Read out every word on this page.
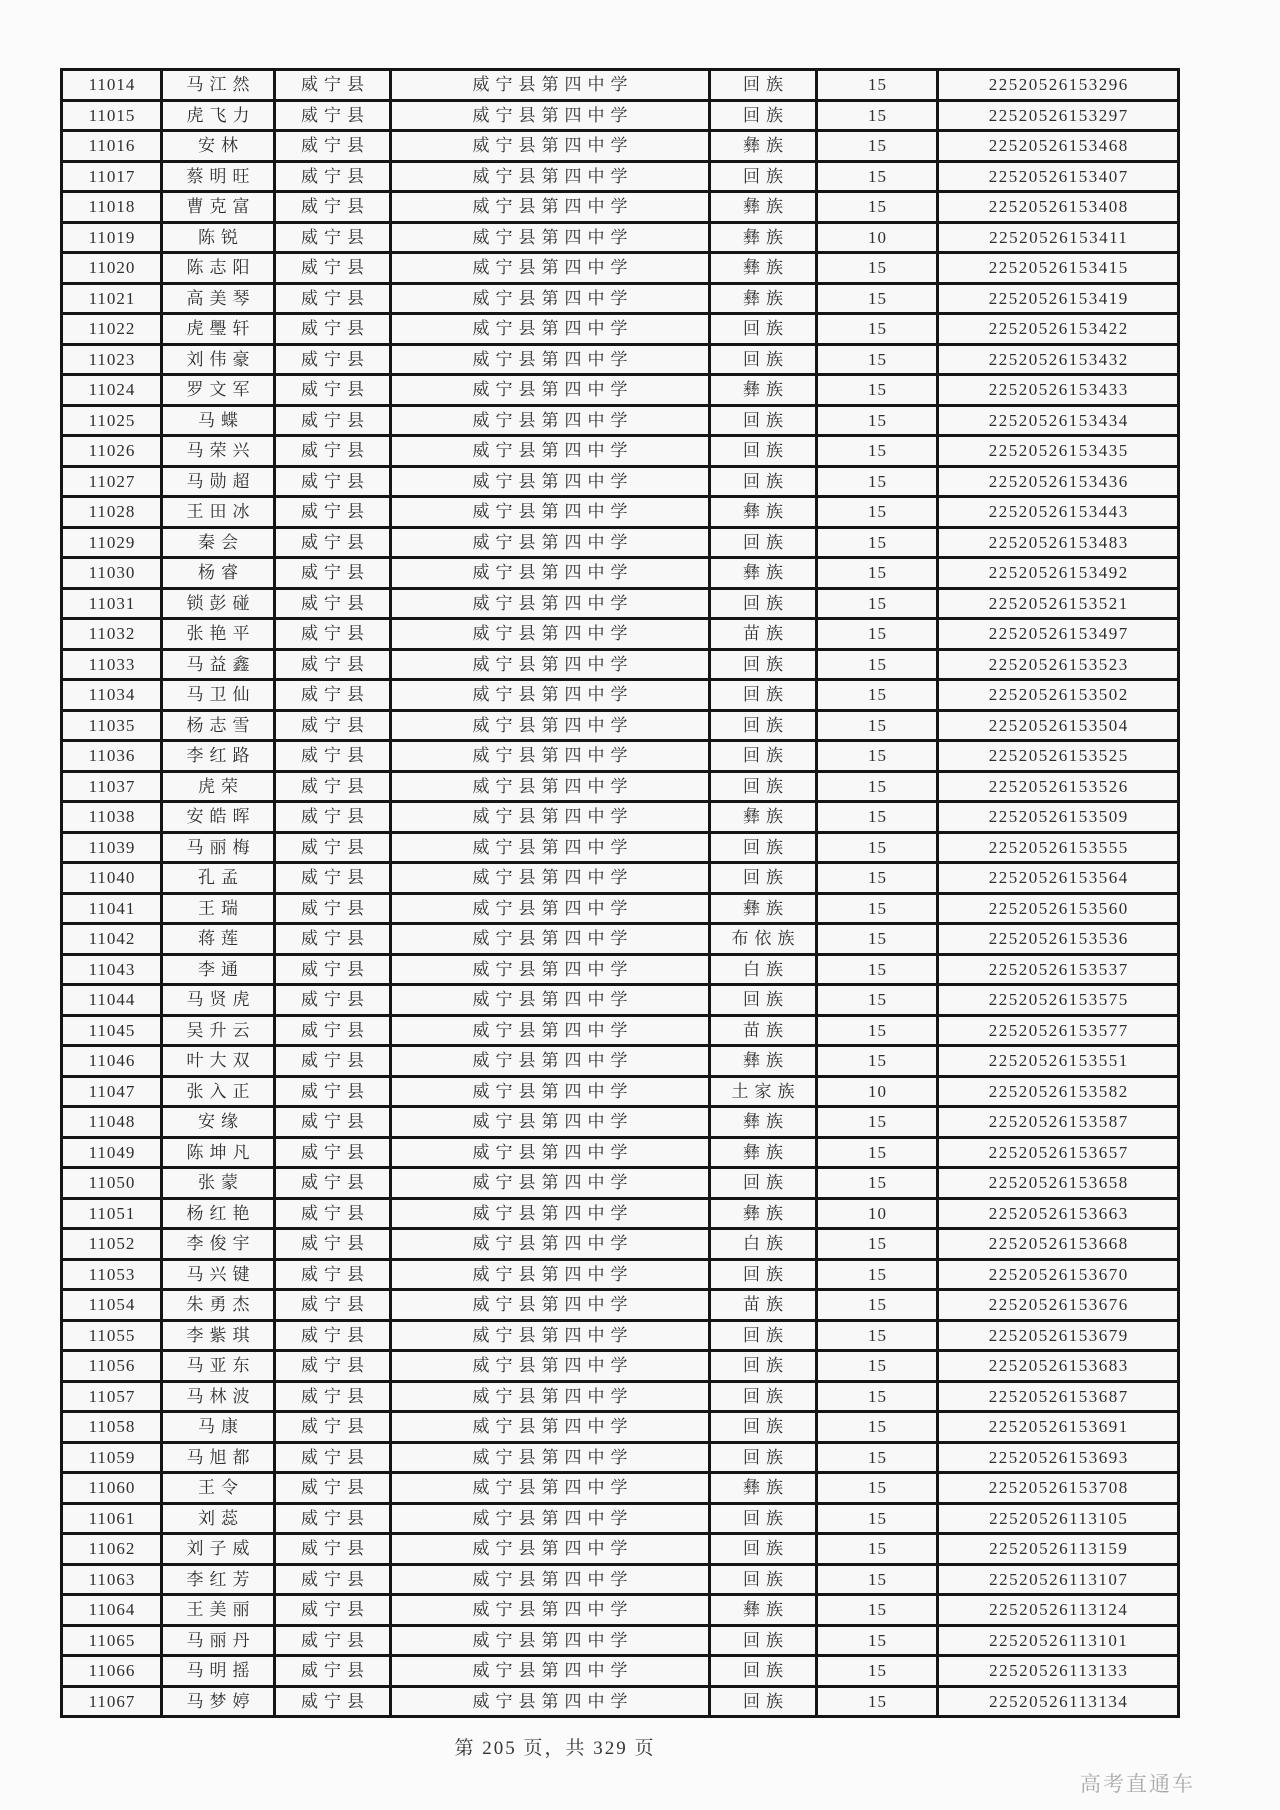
11014	马江然	威宁县	威宁县第四中学	回族	15	22520526153296
11015	虎飞力	威宁县	威宁县第四中学	回族	15	22520526153297
11016	安林	威宁县	威宁县第四中学	彝族	15	22520526153468
11017	蔡明旺	威宁县	威宁县第四中学	回族	15	22520526153407
11018	曹克富	威宁县	威宁县第四中学	彝族	15	22520526153408
11019	陈锐	威宁县	威宁县第四中学	彝族	10	22520526153411
11020	陈志阳	威宁县	威宁县第四中学	彝族	15	22520526153415
11021	高美琴	威宁县	威宁县第四中学	彝族	15	22520526153419
11022	虎璺轩	威宁县	威宁县第四中学	回族	15	22520526153422
11023	刘伟豪	威宁县	威宁县第四中学	回族	15	22520526153432
11024	罗文军	威宁县	威宁县第四中学	彝族	15	22520526153433
11025	马蝶	威宁县	威宁县第四中学	回族	15	22520526153434
11026	马荣兴	威宁县	威宁县第四中学	回族	15	22520526153435
11027	马勋超	威宁县	威宁县第四中学	回族	15	22520526153436
11028	王田冰	威宁县	威宁县第四中学	彝族	15	22520526153443
11029	秦会	威宁县	威宁县第四中学	回族	15	22520526153483
11030	杨睿	威宁县	威宁县第四中学	彝族	15	22520526153492
11031	锁彭碰	威宁县	威宁县第四中学	回族	15	22520526153521
11032	张艳平	威宁县	威宁县第四中学	苗族	15	22520526153497
11033	马益鑫	威宁县	威宁县第四中学	回族	15	22520526153523
11034	马卫仙	威宁县	威宁县第四中学	回族	15	22520526153502
11035	杨志雪	威宁县	威宁县第四中学	回族	15	22520526153504
11036	李红路	威宁县	威宁县第四中学	回族	15	22520526153525
11037	虎荣	威宁县	威宁县第四中学	回族	15	22520526153526
11038	安皓晖	威宁县	威宁县第四中学	彝族	15	22520526153509
11039	马丽梅	威宁县	威宁县第四中学	回族	15	22520526153555
11040	孔孟	威宁县	威宁县第四中学	回族	15	22520526153564
11041	王瑞	威宁县	威宁县第四中学	彝族	15	22520526153560
11042	蒋莲	威宁县	威宁县第四中学	布依族	15	22520526153536
11043	李通	威宁县	威宁县第四中学	白族	15	22520526153537
11044	马贤虎	威宁县	威宁县第四中学	回族	15	22520526153575
11045	吴升云	威宁县	威宁县第四中学	苗族	15	22520526153577
11046	叶大双	威宁县	威宁县第四中学	彝族	15	22520526153551
11047	张入正	威宁县	威宁县第四中学	土家族	10	22520526153582
11048	安缘	威宁县	威宁县第四中学	彝族	15	22520526153587
11049	陈坤凡	威宁县	威宁县第四中学	彝族	15	22520526153657
11050	张蒙	威宁县	威宁县第四中学	回族	15	22520526153658
11051	杨红艳	威宁县	威宁县第四中学	彝族	10	22520526153663
11052	李俊宇	威宁县	威宁县第四中学	白族	15	22520526153668
11053	马兴键	威宁县	威宁县第四中学	回族	15	22520526153670
11054	朱勇杰	威宁县	威宁县第四中学	苗族	15	22520526153676
11055	李紫琪	威宁县	威宁县第四中学	回族	15	22520526153679
11056	马亚东	威宁县	威宁县第四中学	回族	15	22520526153683
11057	马林波	威宁县	威宁县第四中学	回族	15	22520526153687
11058	马康	威宁县	威宁县第四中学	回族	15	22520526153691
11059	马旭都	威宁县	威宁县第四中学	回族	15	22520526153693
11060	王令	威宁县	威宁县第四中学	彝族	15	22520526153708
11061	刘蕊	威宁县	威宁县第四中学	回族	15	22520526113105
11062	刘子威	威宁县	威宁县第四中学	回族	15	22520526113159
11063	李红芳	威宁县	威宁县第四中学	回族	15	22520526113107
11064	王美丽	威宁县	威宁县第四中学	彝族	15	22520526113124
11065	马丽丹	威宁县	威宁县第四中学	回族	15	22520526113101
11066	马明摇	威宁县	威宁县第四中学	回族	15	22520526113133
11067	马梦婷	威宁县	威宁县第四中学	回族	15	22520526113134
第 205 页，共 329 页
高考直通车
